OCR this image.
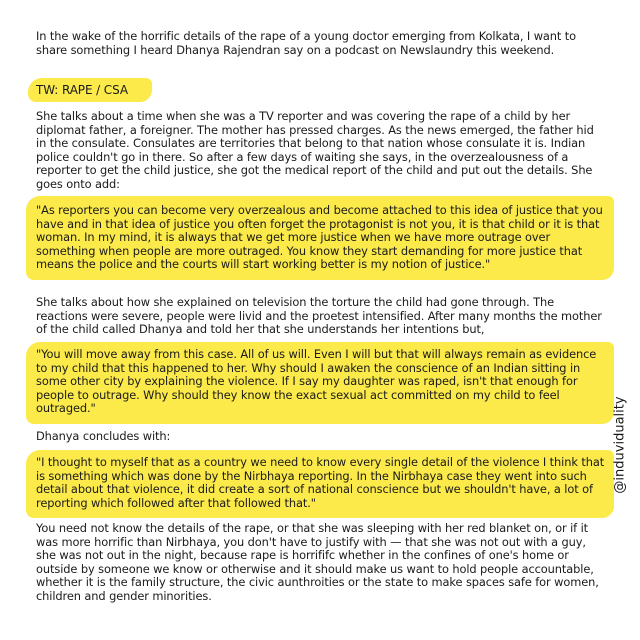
In the wake of the horrific details of the rape of a young doctor emerging from Kolkata, I want to share something I heard Dhanya Rajendran say on a podcast on Newslaundry this weekend.

TW: RAPE / CSA

She talks about a time when she was a TV reporter and was covering the rape of a child by her diplomat father, a foreigner. The mother has pressed charges. As the news emerged, the father hid in the consulate. Consulates are territories that belong to that nation whose consulate it is. Indian police couldn't go in there. So after a few days of waiting she says, in the overzealousness of a reporter to get the child justice, she got the medical report of the child and put out the details. She goes onto add:

"As reporters you can become very overzealous and become attached to this idea of justice that you have and in that idea of justice you often forget the protagonist is not you, it is that child or it is that woman. In my mind, it is always that we get more justice when we have more outrage over something when people are more outraged. You know they start demanding for more justice that means the police and the courts will start working better is my notion of justice."

She talks about how she explained on television the torture the child had gone through. The reactions were severe, people were livid and the proetest intensified. After many months the mother of the child called Dhanya and told her that she understands her intentions but,

"You will move away from this case. All of us will. Even I will but that will always remain as evidence to my child that this happened to her. Why should I awaken the conscience of an Indian sitting in some other city by explaining the violence. If I say my daughter was raped, isn't that enough for people to outrage. Why should they know the exact sexual act committed on my child to feel outraged."

Dhanya concludes with:

"I thought to myself that as a country we need to know every single detail of the violence I think that is something which was done by the Nirbhaya reporting. In the Nirbhaya case they went into such detail about that violence, it did create a sort of national conscience but we shouldn't have, a lot of reporting which followed after that followed that."

You need not know the details of the rape, or that she was sleeping with her red blanket on, or if it was more horrific than Nirbhaya, you don't have to justify with — that she was not out with a guy, she was not out in the night, because rape is horrififc whether in the confines of one's home or outside by someone we know or otherwise and it should make us want to hold people accountable, whether it is the family structure, the civic aunthroities or the state to make spaces safe for women, children and gender minorities.

@induviduality
